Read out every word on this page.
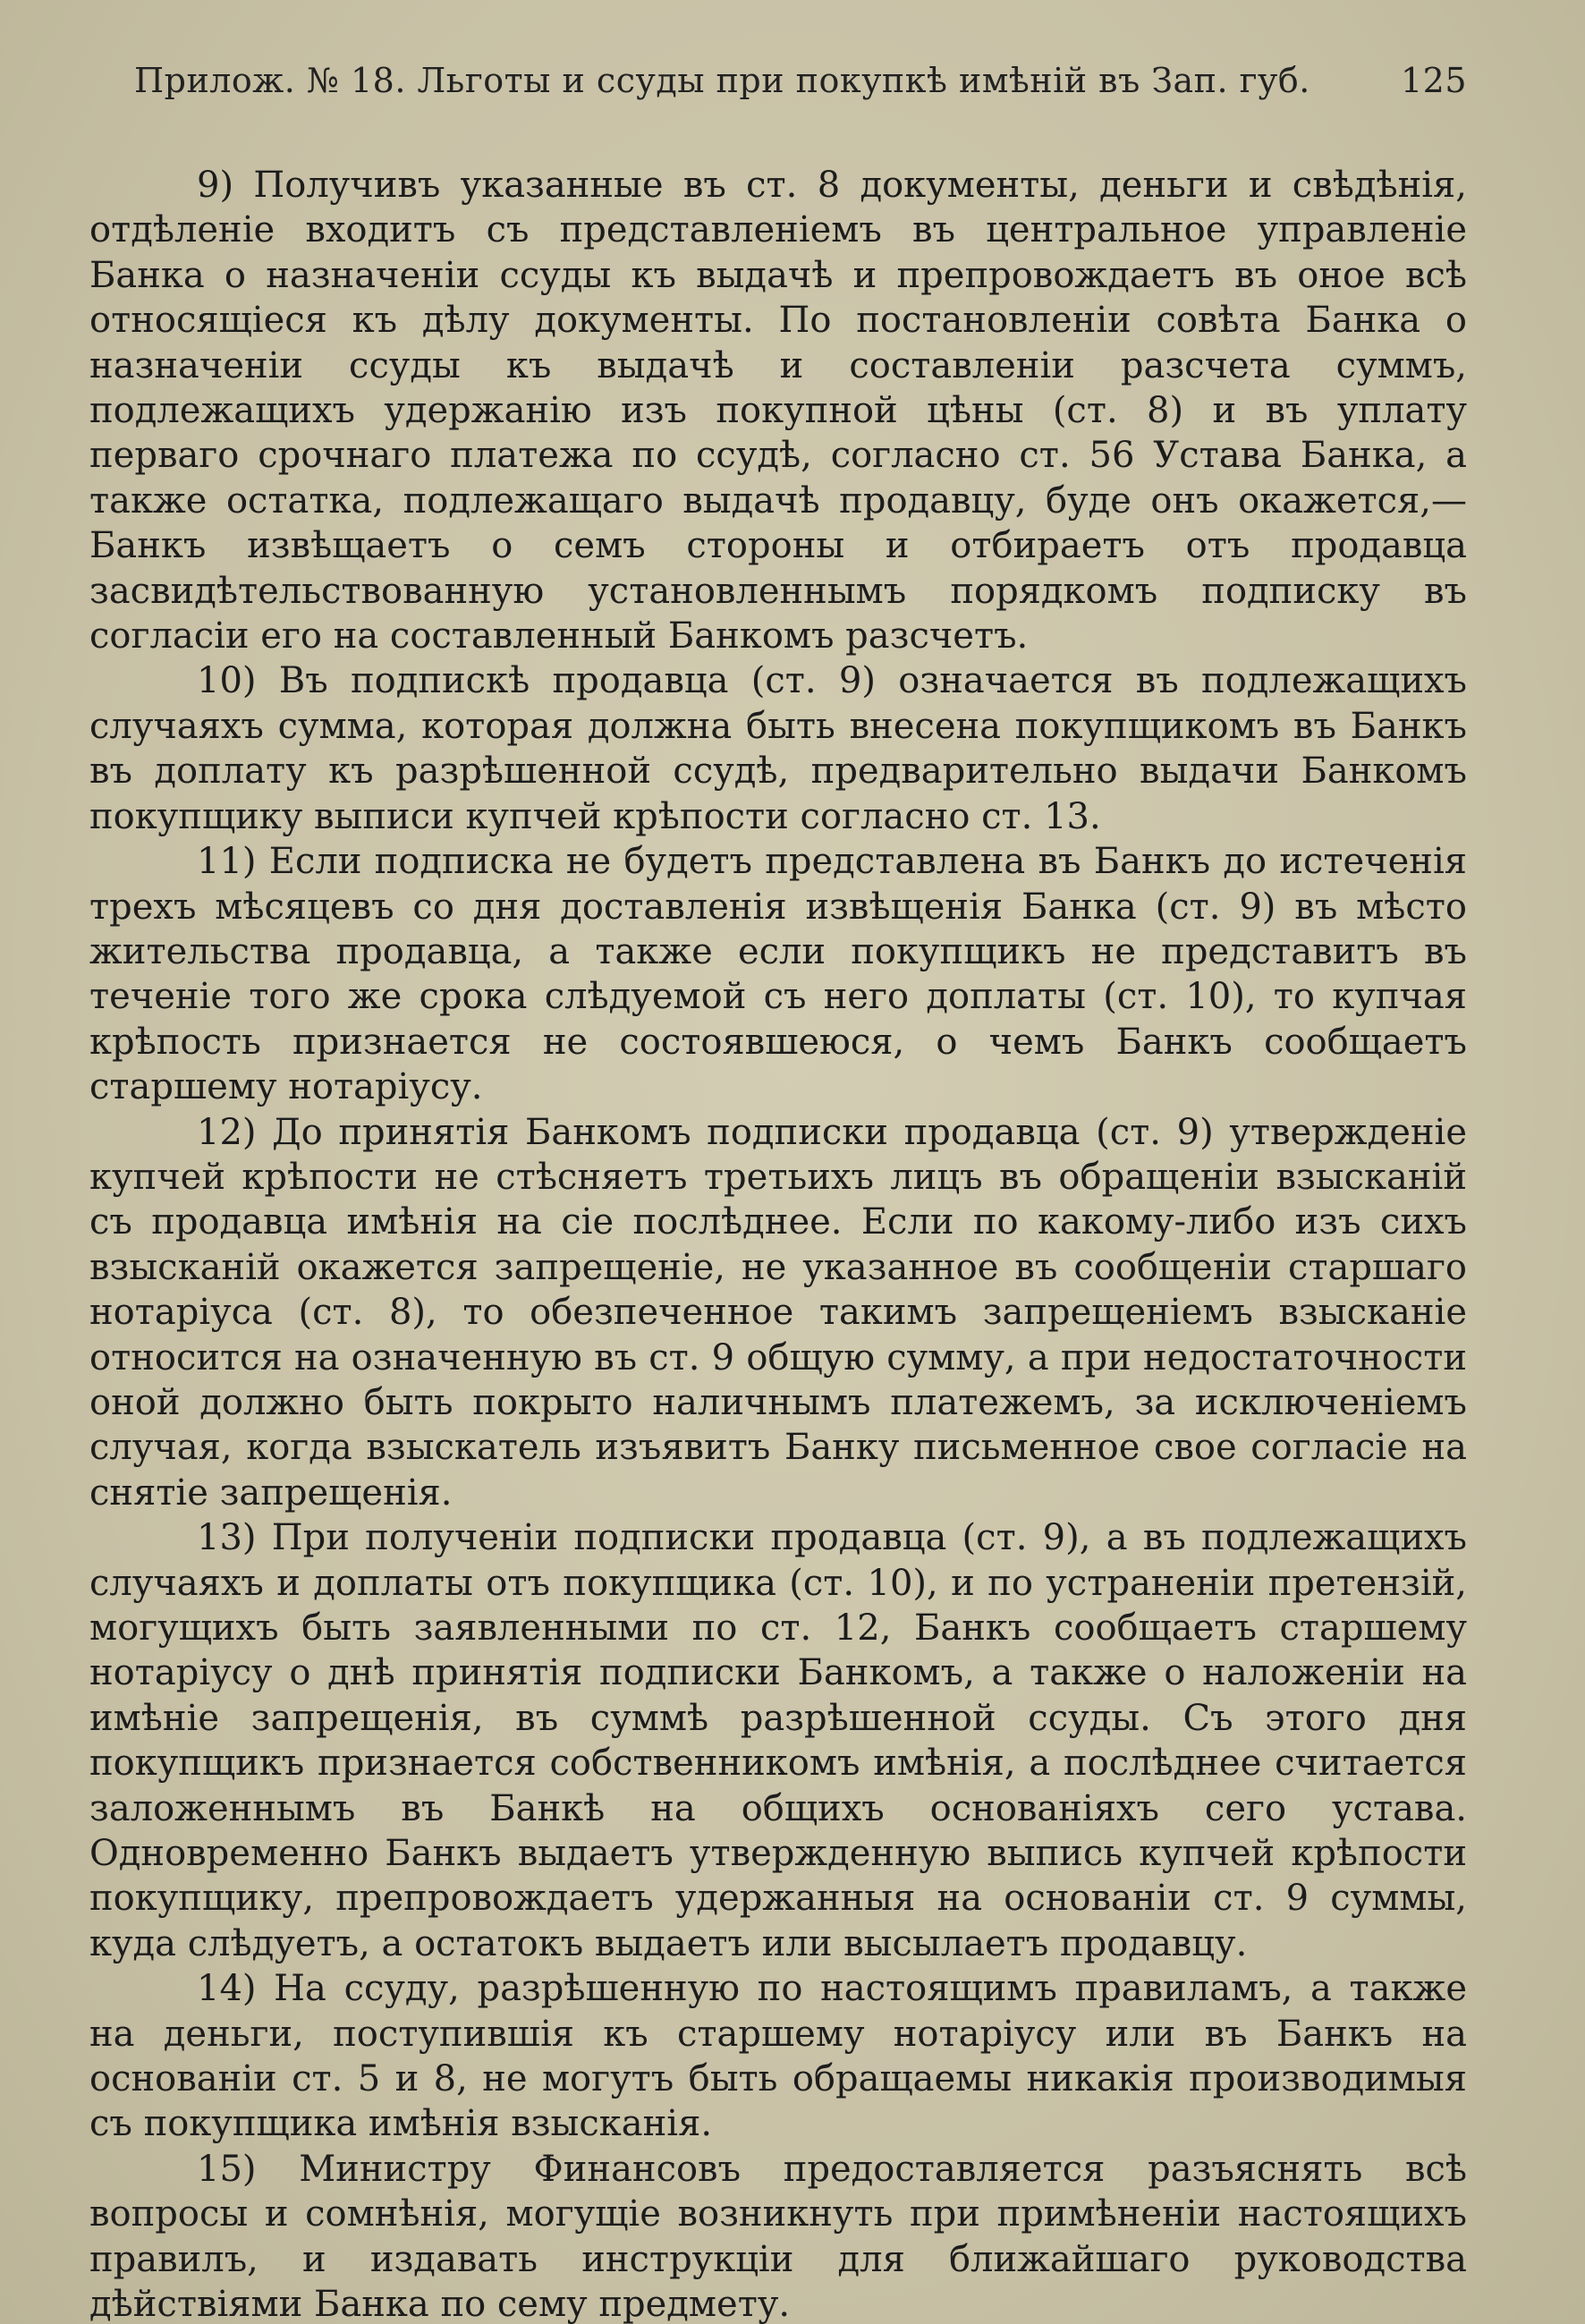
Прилож. № 18. Льготы и ссуды при покупкѣ имѣнiй въ Зап. губ.	125

9) Получивъ указанные въ ст. 8 документы, деньги и свѣдѣнiя, отдѣленiе входитъ съ представленiемъ въ центральное управленiе Банка о назначенiи ссуды къ выдачѣ и препровождаетъ въ оное всѣ относящiеся къ дѣлу документы. По постановленiи совѣта Банка о назначенiи ссуды къ выдачѣ и составленiи разсчета суммъ, подлежащихъ удержанiю изъ покупной цѣны (ст. 8) и въ уплату перваго срочнаго платежа по ссудѣ, согласно ст. 56 Устава Банка, а также остатка, подлежащаго выдачѣ продавцу, буде онъ окажется,—Банкъ извѣщаетъ о семъ стороны и отбираетъ отъ продавца засвидѣтельствованную установленнымъ порядкомъ подписку въ согласiи его на составленный Банкомъ разсчетъ.

10) Въ подпискѣ продавца (ст. 9) означается въ подлежащихъ случаяхъ сумма, которая должна быть внесена покупщикомъ въ Банкъ въ доплату къ разрѣшенной ссудѣ, предварительно выдачи Банкомъ покупщику выписи купчей крѣпости согласно ст. 13.

11) Если подписка не будетъ представлена въ Банкъ до истеченiя трехъ мѣсяцевъ со дня доставленiя извѣщенiя Банка (ст. 9) въ мѣсто жительства продавца, а также если покупщикъ не представитъ въ теченiе того же срока слѣдуемой съ него доплаты (ст. 10), то купчая крѣпость признается не состоявшеюся, о чемъ Банкъ сообщаетъ старшему нотарiусу.

12) До принятiя Банкомъ подписки продавца (ст. 9) утвержденiе купчей крѣпости не стѣсняетъ третьихъ лицъ въ обращенiи взысканiй съ продавца имѣнiя на сiе послѣднее. Если по какому-либо изъ сихъ взысканiй окажется запрещенiе, не указанное въ сообщенiи старшаго нотарiуса (ст. 8), то обезпеченное такимъ запрещенiемъ взысканiе относится на означенную въ ст. 9 общую сумму, а при недостаточности оной должно быть покрыто наличнымъ платежемъ, за исключенiемъ случая, когда взыскатель изъявитъ Банку письменное свое согласiе на снятiе запрещенiя.

13) При полученiи подписки продавца (ст. 9), а въ подлежащихъ случаяхъ и доплаты отъ покупщика (ст. 10), и по устраненiи претензiй, могущихъ быть заявленными по ст. 12, Банкъ сообщаетъ старшему нотарiусу о днѣ принятiя подписки Банкомъ, а также о наложенiи на имѣнiе запрещенiя, въ суммѣ разрѣшенной ссуды. Съ этого дня покупщикъ признается собственникомъ имѣнiя, а послѣднее считается заложеннымъ въ Банкѣ на общихъ основанiяхъ сего устава. Одновременно Банкъ выдаетъ утвержденную выпись купчей крѣпости покупщику, препровождаетъ удержанныя на основанiи ст. 9 суммы, куда слѣдуетъ, а остатокъ выдаетъ или высылаетъ продавцу.

14) На ссуду, разрѣшенную по настоящимъ правиламъ, а также на деньги, поступившiя къ старшему нотарiусу или въ Банкъ на основанiи ст. 5 и 8, не могутъ быть обращаемы никакiя производимыя съ покупщика имѣнiя взысканiя.

15) Министру Финансовъ предоставляется разъяснять всѣ вопросы и сомнѣнiя, могущiе возникнуть при примѣненiи настоящихъ правилъ, и издавать инструкцiи для ближайшаго руководства дѣйствiями Банка по сему предмету.
